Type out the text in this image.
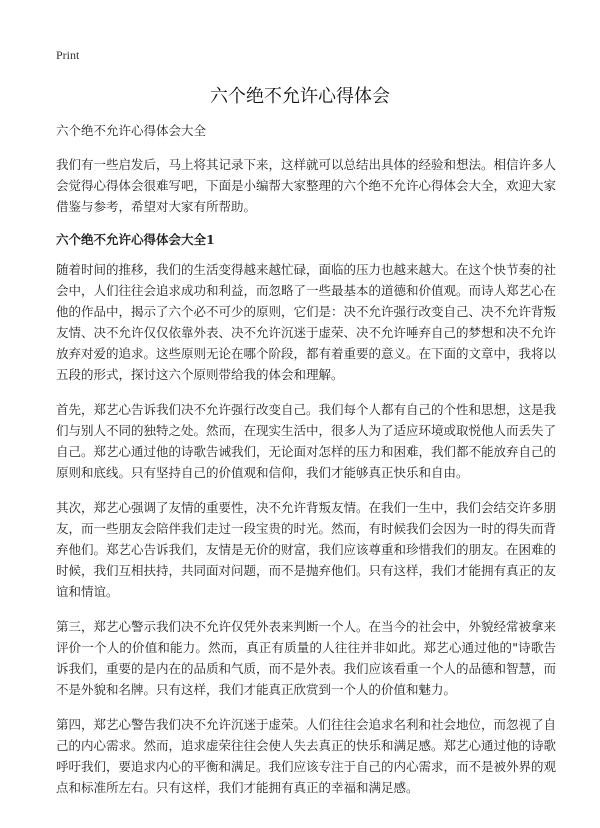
Print
六个绝不允许心得体会

六个绝不允许心得体会大全

我们有一些启发后，马上将其记录下来，这样就可以总结出具体的经验和想法。相信许多人会觉得心得体会很难写吧，下面是小编帮大家整理的六个绝不允许心得体会大全，欢迎大家借鉴与参考，希望对大家有所帮助。

六个绝不允许心得体会大全1

随着时间的推移，我们的生活变得越来越忙碌，面临的压力也越来越大。在这个快节奏的社会中，人们往往会追求成功和利益，而忽略了一些最基本的道德和价值观。而诗人郑艺心在他的作品中，揭示了六个必不可少的原则，它们是：决不允许强行改变自己、决不允许背叛友情、决不允许仅仅依靠外表、决不允许沉迷于虚荣、决不允许唾弃自己的梦想和决不允许放弃对爱的追求。这些原则无论在哪个阶段，都有着重要的意义。在下面的文章中，我将以五段的形式，探讨这六个原则带给我的体会和理解。

首先，郑艺心告诉我们决不允许强行改变自己。我们每个人都有自己的个性和思想，这是我们与别人不同的独特之处。然而，在现实生活中，很多人为了适应环境或取悦他人而丢失了自己。郑艺心通过他的诗歌告诫我们，无论面对怎样的压力和困难，我们都不能放弃自己的原则和底线。只有坚持自己的价值观和信仰，我们才能够真正快乐和自由。

其次，郑艺心强调了友情的重要性，决不允许背叛友情。在我们一生中，我们会结交许多朋友，而一些朋友会陪伴我们走过一段宝贵的时光。然而，有时候我们会因为一时的得失而背弃他们。郑艺心告诉我们，友情是无价的财富，我们应该尊重和珍惜我们的朋友。在困难的时候，我们互相扶持，共同面对问题，而不是抛弃他们。只有这样，我们才能拥有真正的友谊和情谊。

第三，郑艺心警示我们决不允许仅凭外表来判断一个人。在当今的社会中，外貌经常被拿来评价一个人的价值和能力。然而，真正有质量的人往往并非如此。郑艺心通过他的"诗歌告诉我们，重要的是内在的品质和气质，而不是外表。我们应该看重一个人的品德和智慧，而不是外貌和名牌。只有这样，我们才能真正欣赏到一个人的价值和魅力。

第四，郑艺心警告我们决不允许沉迷于虚荣。人们往往会追求名利和社会地位，而忽视了自己的内心需求。然而，追求虚荣往往会使人失去真正的快乐和满足感。郑艺心通过他的诗歌呼吁我们，要追求内心的平衡和满足。我们应该专注于自己的内心需求，而不是被外界的观点和标准所左右。只有这样，我们才能拥有真正的幸福和满足感。
